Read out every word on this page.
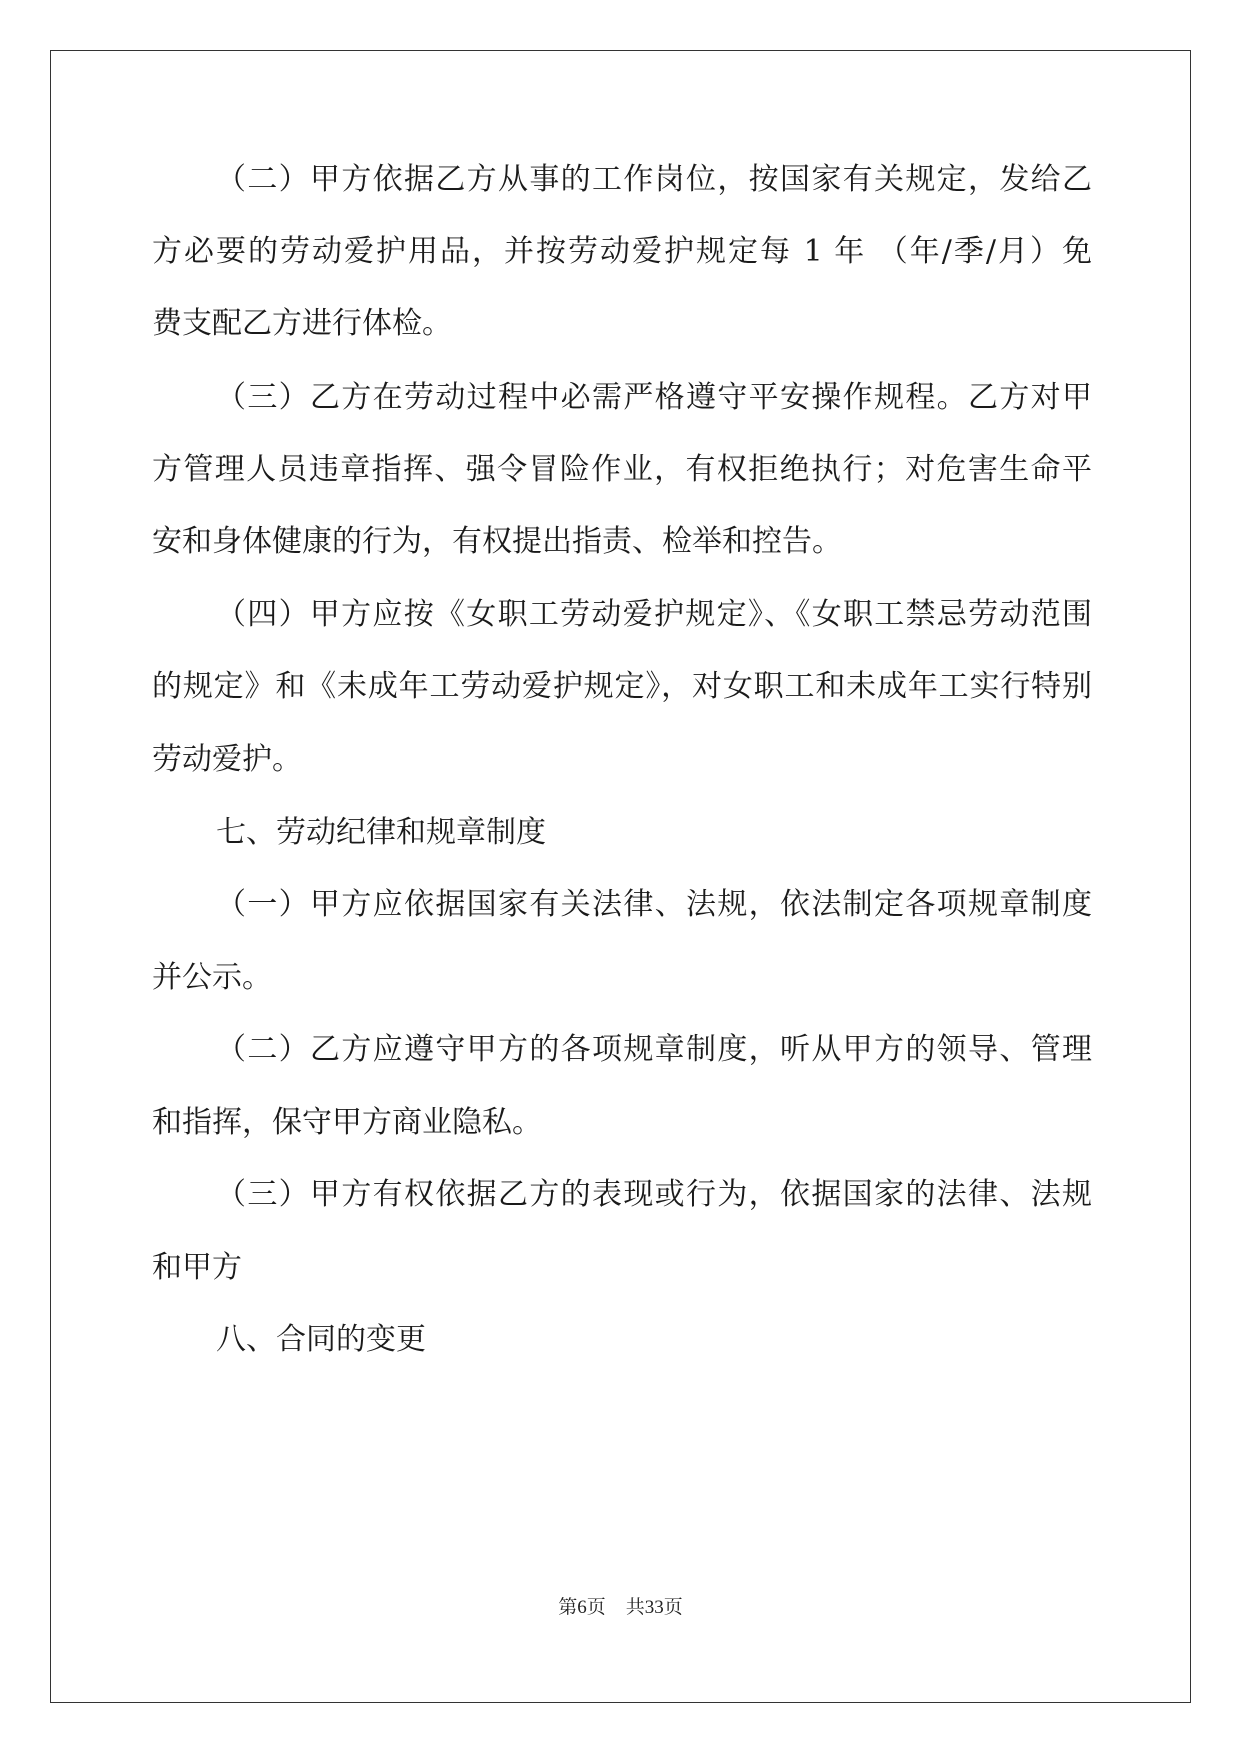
（二）甲方依据乙方从事的工作岗位，按国家有关规定，发给乙
方必要的劳动爱护用品，并按劳动爱护规定每 1 年 （年/季/月）免
费支配乙方进行体检。
（三）乙方在劳动过程中必需严格遵守平安操作规程。乙方对甲
方管理人员违章指挥、强令冒险作业，有权拒绝执行；对危害生命平
安和身体健康的行为，有权提出指责、检举和控告。
（四）甲方应按《女职工劳动爱护规定》、《女职工禁忌劳动范围
的规定》和《未成年工劳动爱护规定》，对女职工和未成年工实行特别
劳动爱护。
七、劳动纪律和规章制度
（一）甲方应依据国家有关法律、法规，依法制定各项规章制度
并公示。
（二）乙方应遵守甲方的各项规章制度，听从甲方的领导、管理
和指挥，保守甲方商业隐私。
（三）甲方有权依据乙方的表现或行为，依据国家的法律、法规
和甲方
八、合同的变更
第6页 共33页
